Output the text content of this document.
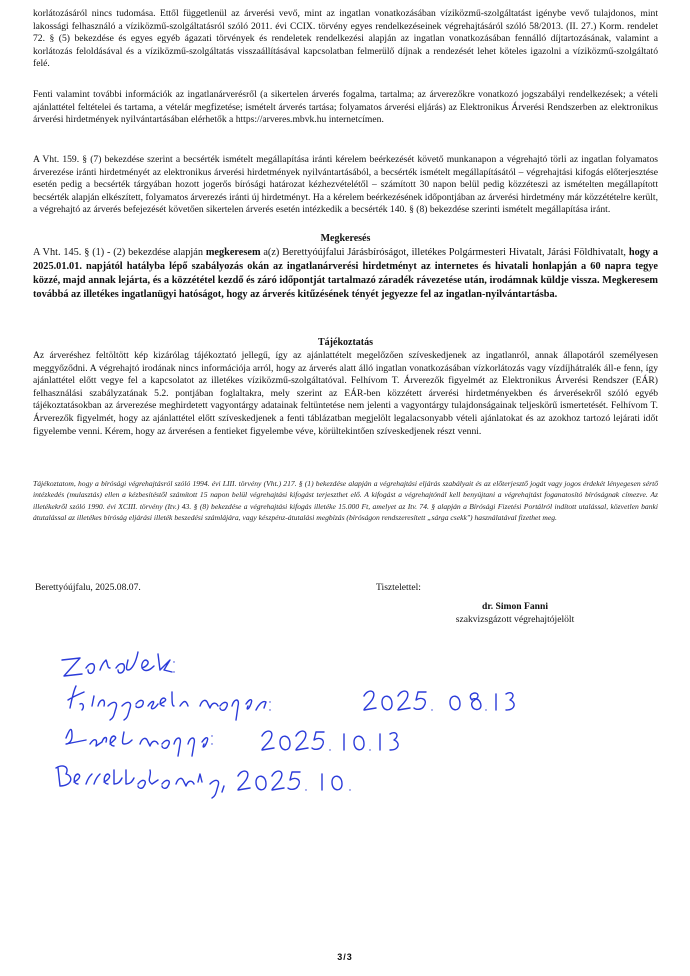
korlátozásáról nincs tudomása. Ettől függetlenül az árverési vevő, mint az ingatlan vonatkozásában víziközmű-szolgáltatást igénybe vevő tulajdonos, mint lakossági felhasználó a víziközmű-szolgáltatásról szóló 2011. évi CCIX. törvény egyes rendelkezéseinek végrehajtásáról szóló 58/2013. (II. 27.) Korm. rendelet 72. § (5) bekezdése és egyes egyéb ágazati törvények és rendeletek rendelkezési alapján az ingatlan vonatkozásában fennálló díjtartozásának, valamint a korlátozás feloldásával és a víziközmű-szolgáltatás visszaállításával kapcsolatban felmerülő díjnak a rendezését lehet köteles igazolni a víziközmű-szolgáltató felé.

Fenti valamint további információk az ingatlanárverésről (a sikertelen árverés fogalma, tartalma; az árverezőkre vonatkozó jogszabályi rendelkezések; a vételi ajánlattétel feltételei és tartama, a vételár megfizetése; ismételt árverés tartása; folyamatos árverési eljárás) az Elektronikus Árverési Rendszerben az elektronikus árverési hirdetmények nyilvántartásában elérhetők a https://arveres.mbvk.hu internetcímen.

A Vht. 159. § (7) bekezdése szerint a becsérték ismételt megállapítása iránti kérelem beérkezését követő munkanapon a végrehajtó törli az ingatlan folyamatos árverezése iránti hirdetményét az elektronikus árverési hirdetmények nyilvántartásából, a becsérték ismételt megállapításától – végrehajtási kifogás előterjesztése esetén pedig a becsérték tárgyában hozott jogerős bírósági határozat kézhezvételétől – számított 30 napon belül pedig közzéteszi az ismételten megállapított becsérték alapján elkészített, folyamatos árverezés iránti új hirdetményt. Ha a kérelem beérkezésének időpontjában az árverési hirdetmény már közzétételre került, a végrehajtó az árverés befejezését követően sikertelen árverés esetén intézkedik a becsérték 140. § (8) bekezdése szerinti ismételt megállapítása iránt.

Megkeresés

A Vht. 145. § (1) - (2) bekezdése alapján megkeresem a(z) Berettyóújfalui Járásbíróságot, illetékes Polgármesteri Hivatalt, Járási Földhivatalt, hogy a 2025.01.01. napjától hatályba lépő szabályozás okán az ingatlanárverési hirdetményt az internetes és hivatali honlapján a 60 napra tegye közzé, majd annak lejárta, és a közzététel kezdő és záró időpontját tartalmazó záradék rávezetése után, irodámnak küldje vissza. Megkeresem továbbá az illetékes ingatlanügyi hatóságot, hogy az árverés kitűzésének tényét jegyezze fel az ingatlan-nyilvántartásba.

Tájékoztatás

Az árveréshez feltöltött kép kizárólag tájékoztató jellegű, így az ajánlattételt megelőzően szíveskedjenek az ingatlanról, annak állapotáról személyesen meggyőződni. A végrehajtó irodának nincs információja arról, hogy az árverés alatt álló ingatlan vonatkozásában vízkorlátozás vagy vízdíjhátralék áll-e fenn, így ajánlattétel előtt vegye fel a kapcsolatot az illetékes víziközmű-szolgáltatóval. Felhívom T. Árverezők figyelmét az Elektronikus Árverési Rendszer (EÁR) felhasználási szabályzatának 5.2. pontjában foglaltakra, mely szerint az EÁR-ben közzétett árverési hirdetményekben és árverésekről szóló egyéb tájékoztatásokban az árverezése meghirdetett vagyontárgy adatainak feltüntetése nem jelenti a vagyontárgy tulajdonságainak teljeskörű ismertetését. Felhívom T. Árverezők figyelmét, hogy az ajánlattétel előtt szíveskedjenek a fenti táblázatban megjelölt legalacsonyabb vételi ajánlatokat és az azokhoz tartozó lejárati időt figyelembe venni. Kérem, hogy az árverésen a fentieket figyelembe véve, körültekintően szíveskedjenek részt venni.

Tájékoztatom, hogy a bírósági végrehajtásról szóló 1994. évi LIII. törvény (Vht.) 217. § (1) bekezdése alapján a végrehajtási eljárás szabályait és az előterjesztő jogát vagy jogos érdekét lényegesen sértő intézkedés (mulasztás) ellen a kézbesítéstől számított 15 napon belül végrehajtási kifogást terjeszthet elő. A kifogást a végrehajtónál kell benyújtani a végrehajtást foganatosító bíróságnak címezve. Az illetékekről szóló 1990. évi XCIII. törvény (Itv.) 43. § (8) bekezdése a végrehajtási kifogás illetéke 15.000 Ft, amelyet az Itv. 74. § alapján a Bírósági Fizetési Portálról indított utalással, közvetlen banki átutalással az illetékes bíróság eljárási illeték beszedési számlájára, vagy készpénz-átutalási megbízás (bíróságon rendszeresített „sárga csekk") használatával fizethet meg.

Berettyóújfalu, 2025.08.07.	Tisztelettel:
dr. Simon Fanni
szakvizsgázott végrehajtójelölt
3/3
